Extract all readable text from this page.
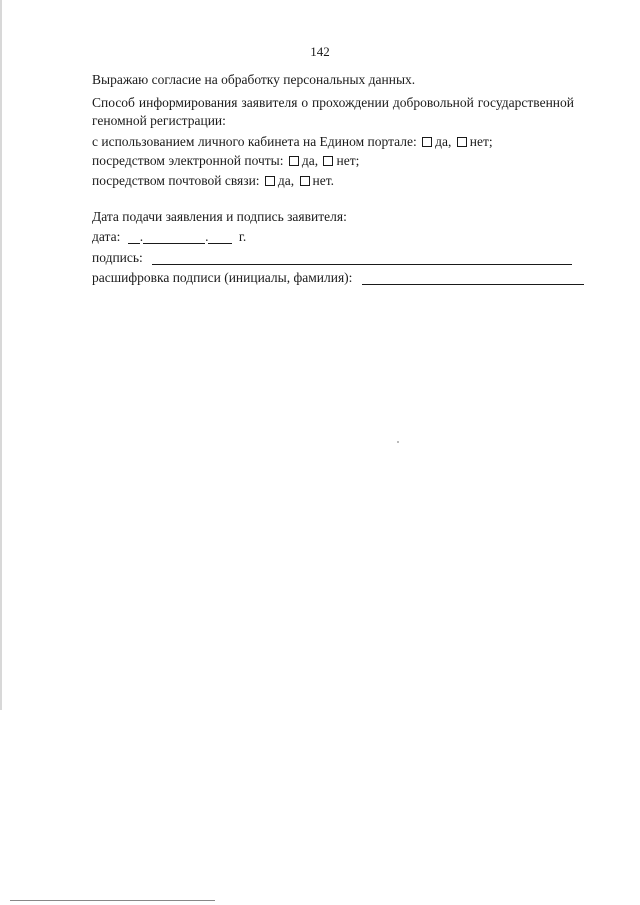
142
Выражаю согласие на обработку персональных данных.
Способ информирования заявителя о прохождении добровольной государственной
геномной регистрации:
с использованием личного кабинета на Едином портале: да, нет;
посредством электронной почты: да, нет;
посредством почтовой связи: да, нет.
Дата подачи заявления и подпись заявителя:
дата: .	. г.
подпись:
расшифровка подписи (инициалы, фамилия):
